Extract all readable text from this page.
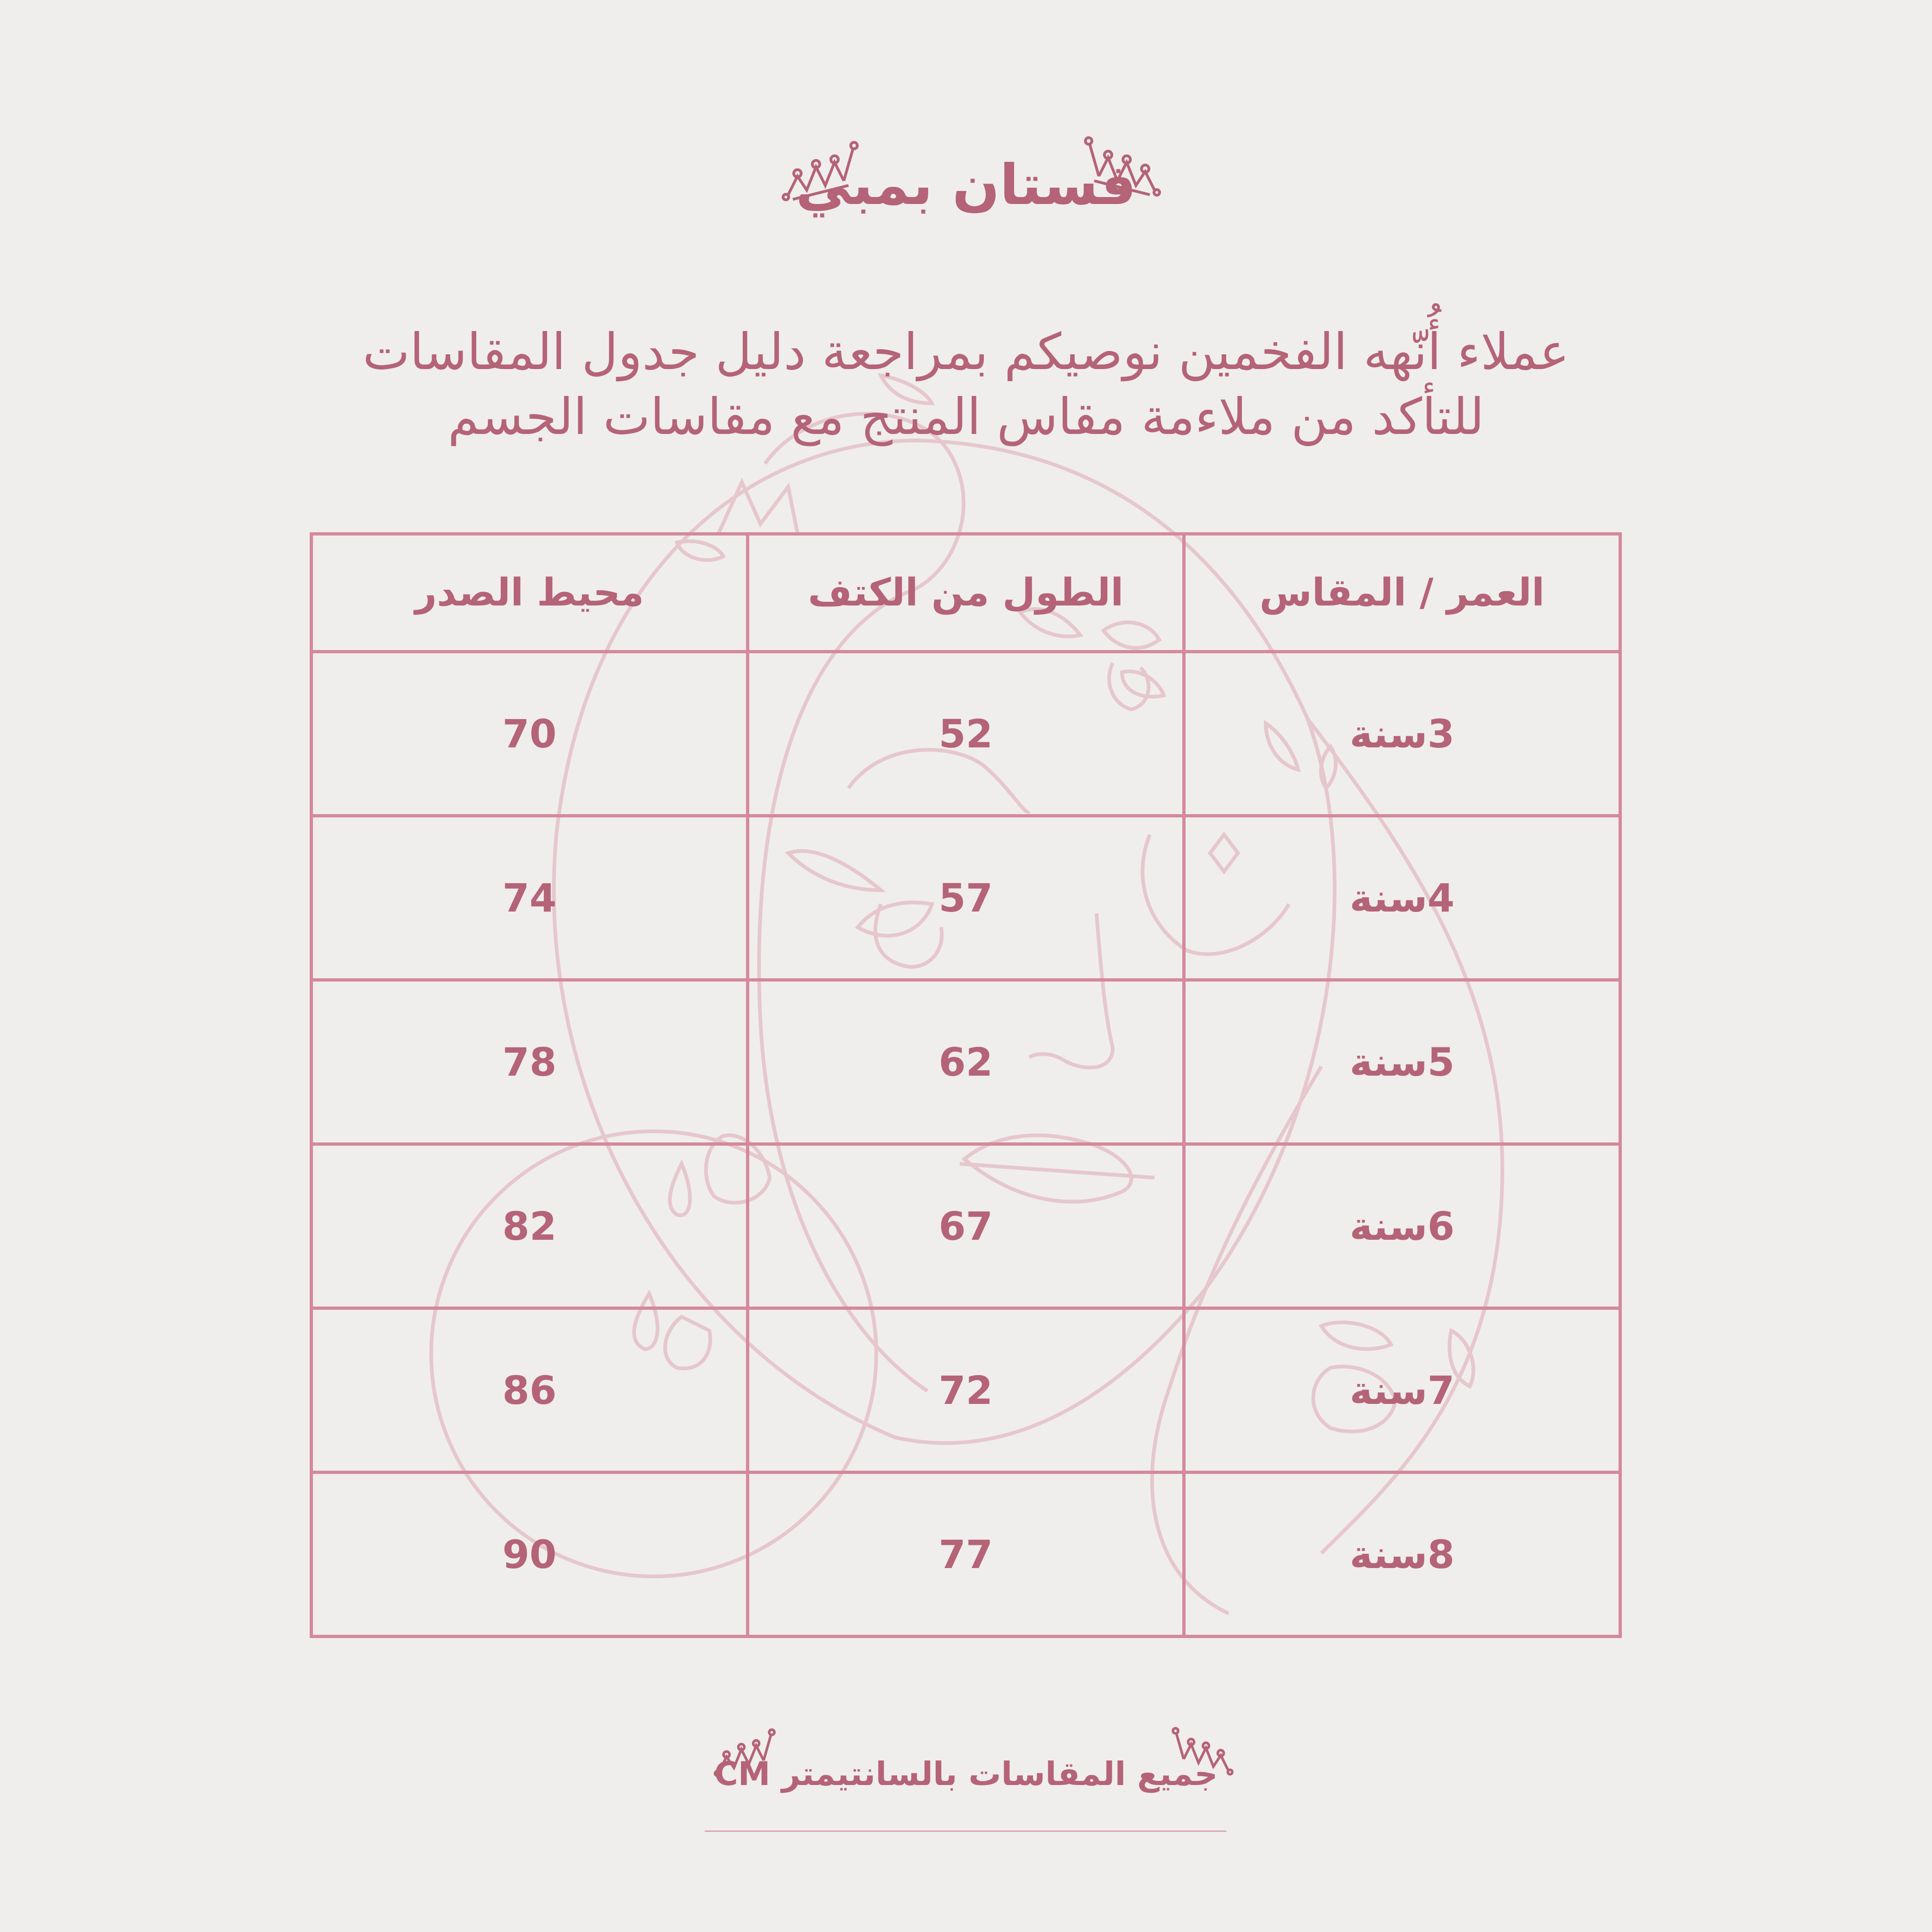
فستان بمبي
عملاء أُنّهه الفخمين نوصيكم بمراجعة دليل جدول المقاسات
للتأكد من ملاءمة مقاس المنتج مع مقاسات الجسم
العمر / المقاس	الطول من الكتف	محيط الصدر
3سنة	52	70
4سنة	57	74
5سنة	62	78
6سنة	67	82
7سنة	72	86
8سنة	77	90
جميع المقاسات بالسانتيمتر CM
